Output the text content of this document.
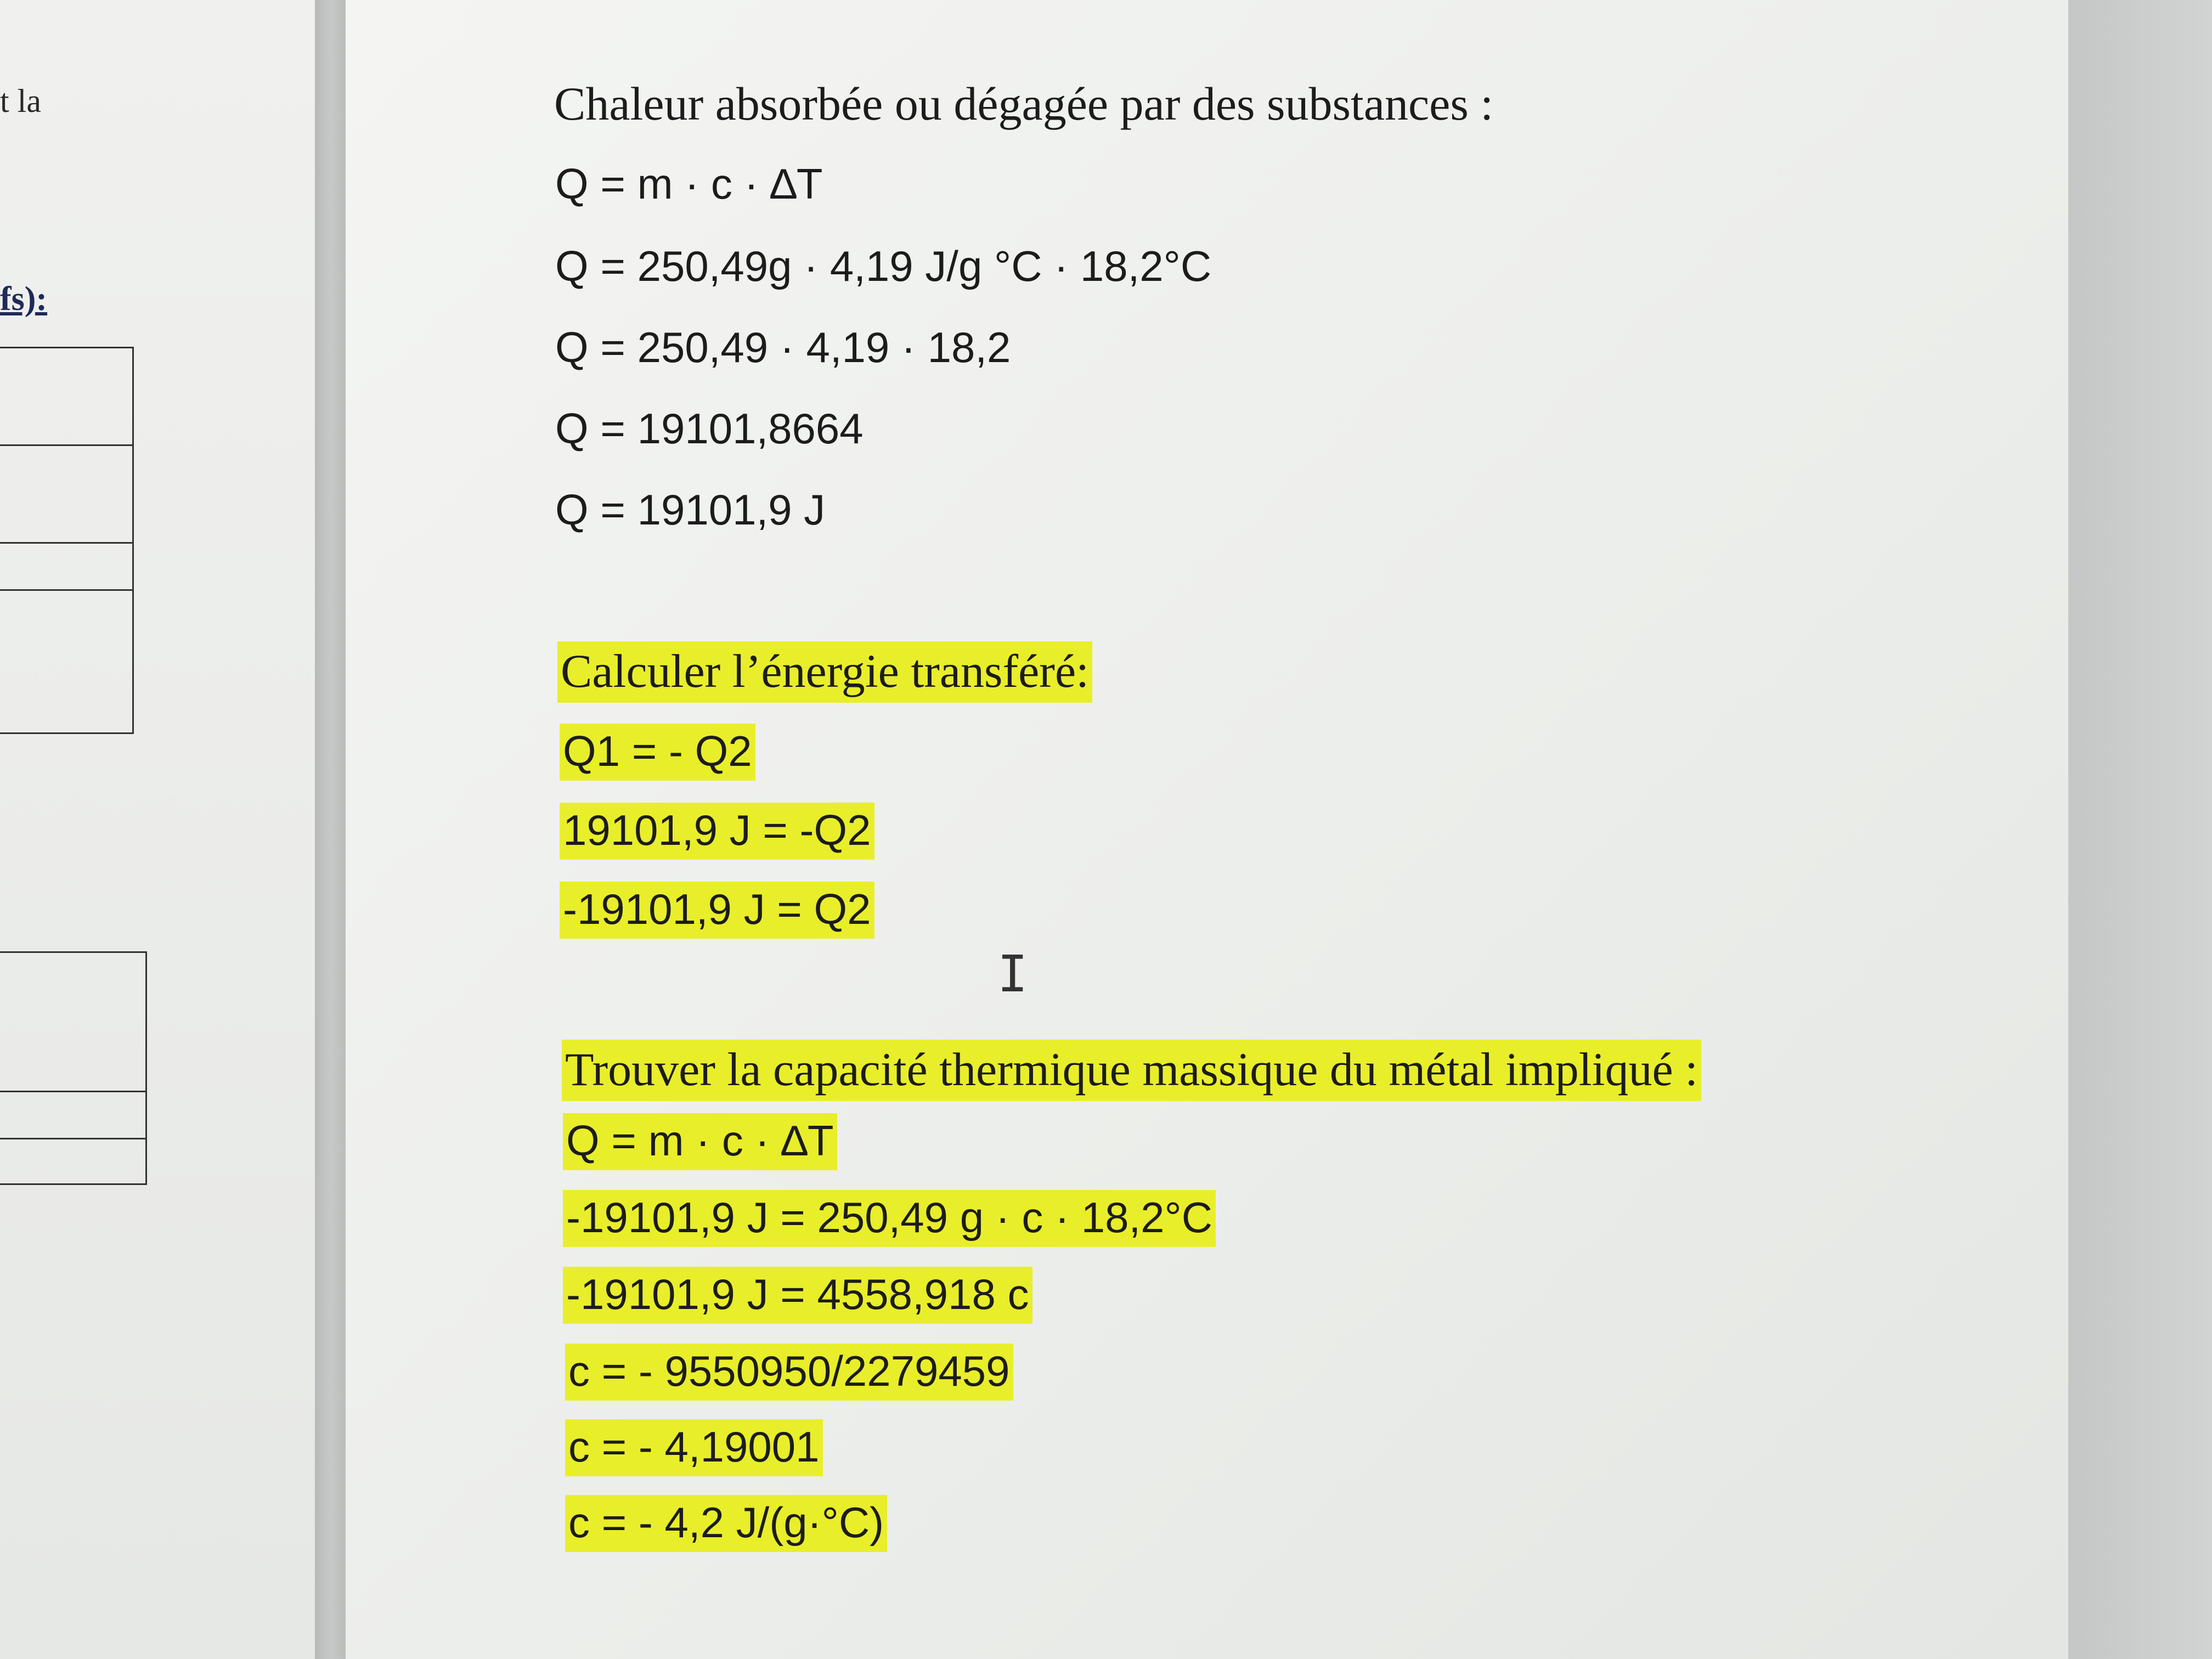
t la
fs):
Chaleur absorbée ou dégagée par des substances :
Q = m · c · ∆T
Q = 250,49g · 4,19 J/g °C · 18,2°C
Q = 250,49 · 4,19 · 18,2
Q = 19101,8664
Q = 19101,9 J
Calculer l’énergie transféré:
Q1 = - Q2
19101,9 J = -Q2
-19101,9 J = Q2
I
Trouver la capacité thermique massique du métal impliqué :
Q = m · c · ∆T
-19101,9 J = 250,49 g · c · 18,2°C
-19101,9 J = 4558,918 c
c = - 9550950/2279459
c = - 4,19001
c = - 4,2 J/(g·°C)
